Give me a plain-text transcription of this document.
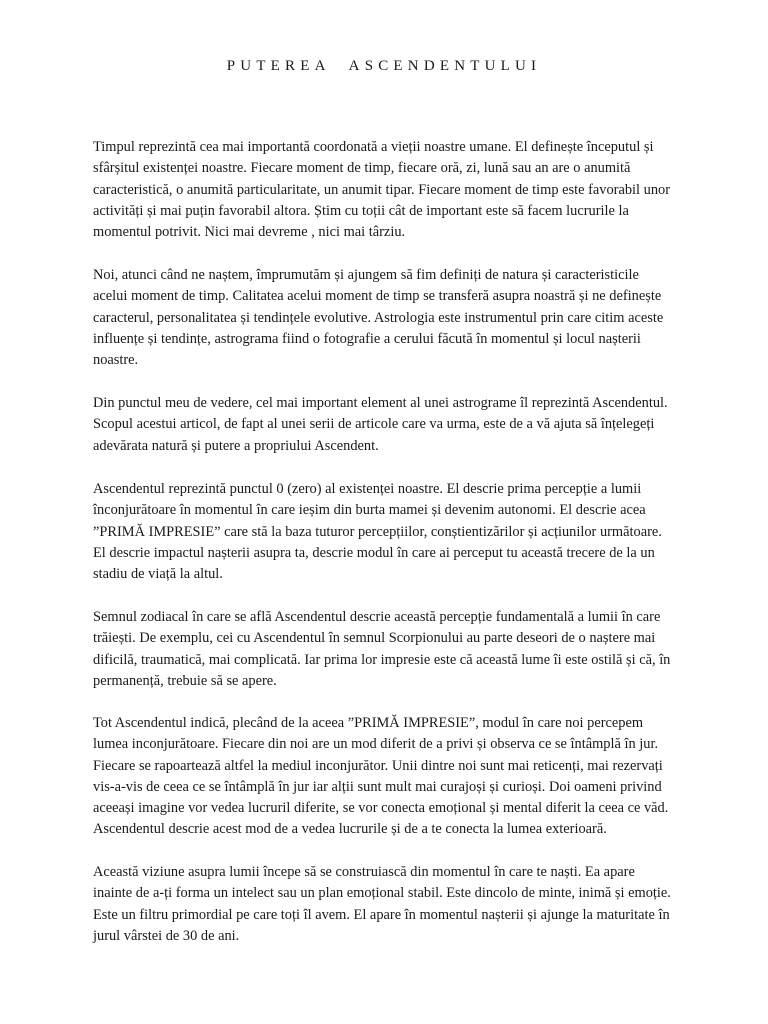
PUTEREA ASCENDENTULUI

Timpul reprezintă cea mai importantă coordonată a vieții noastre umane. El definește începutul și
sfârșitul existenței noastre. Fiecare moment de timp, fiecare oră, zi, lună sau an are o anumită
caracteristică, o anumită particularitate, un anumit tipar. Fiecare moment de timp este favorabil unor
activități și mai puțin favorabil altora. Știm cu toții cât de important este să facem lucrurile la
momentul potrivit. Nici mai devreme , nici mai târziu.

Noi, atunci când ne naștem, împrumutăm și ajungem să fim definiți de natura și caracteristicile
acelui moment de timp. Calitatea acelui moment de timp se transferă asupra noastră și ne definește
caracterul, personalitatea și tendințele evolutive. Astrologia este instrumentul prin care citim aceste
influențe și tendințe, astrograma fiind o fotografie a cerului făcută în momentul și locul nașterii
noastre.

Din punctul meu de vedere, cel mai important element al unei astrograme îl reprezintă Ascendentul.
Scopul acestui articol, de fapt al unei serii de articole care va urma, este de a vă ajuta să înțelegeți
adevărata natură și putere a propriului Ascendent.

Ascendentul reprezintă punctul 0 (zero) al existenței noastre. El descrie prima percepție a lumii
înconjurătoare în momentul în care ieșim din burta mamei și devenim autonomi. El descrie acea
”PRIMĂ IMPRESIE” care stă la baza tuturor percepțiilor, conștientizărilor și acțiunilor următoare.
El descrie impactul nașterii asupra ta, descrie modul în care ai perceput tu această trecere de la un
stadiu de viață la altul.

Semnul zodiacal în care se află Ascendentul descrie această percepție fundamentală a lumii în care
trăiești. De exemplu, cei cu Ascendentul în semnul Scorpionului au parte deseori de o naștere mai
dificilă, traumatică, mai complicată. Iar prima lor impresie este că această lume îi este ostilă și că, în
permanență, trebuie să se apere.

Tot Ascendentul indică, plecând de la aceea ”PRIMĂ IMPRESIE”, modul în care noi percepem
lumea inconjurătoare. Fiecare din noi are un mod diferit de a privi și observa ce se întâmplă în jur.
Fiecare se rapoartează altfel la mediul inconjurător. Unii dintre noi sunt mai reticenți, mai rezervați
vis-a-vis de ceea ce se întâmplă în jur iar alții sunt mult mai curajoși și curioși. Doi oameni privind
aceeași imagine vor vedea lucruril diferite, se vor conecta emoțional și mental diferit la ceea ce văd.
Ascendentul descrie acest mod de a vedea lucrurile și de a te conecta la lumea exterioară.

Această viziune asupra lumii începe să se construiască din momentul în care te naști. Ea apare
inainte de a-ți forma un intelect sau un plan emoțional stabil. Este dincolo de minte, inimă și emoție.
Este un filtru primordial pe care toți îl avem. El apare în momentul nașterii și ajunge la maturitate în
jurul vârstei de 30 de ani.
